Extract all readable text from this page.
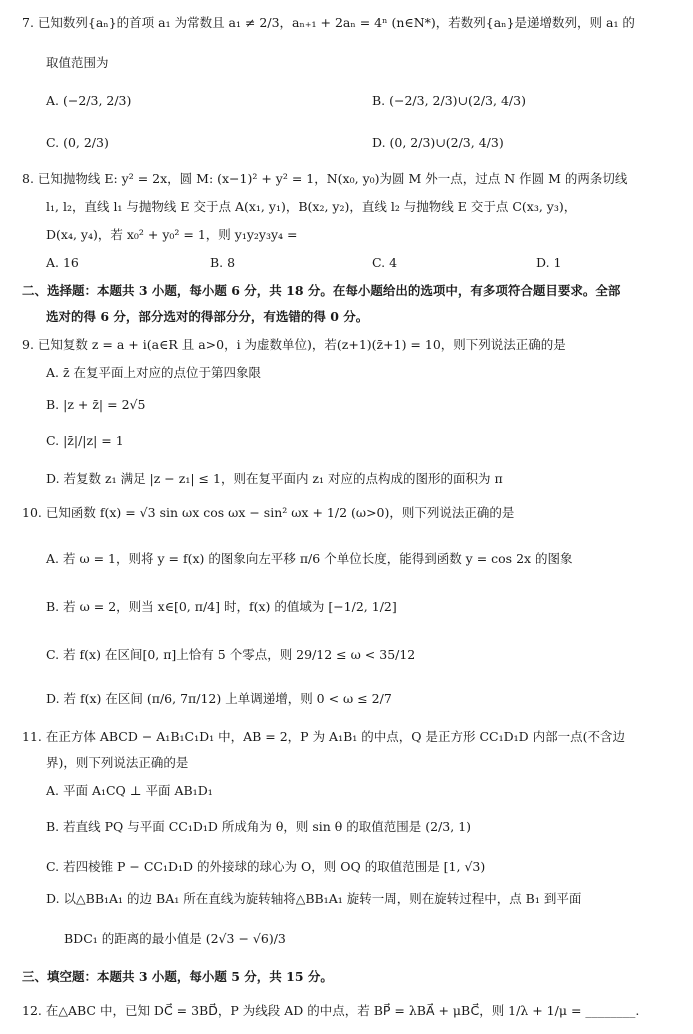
7. 已知数列{aₙ}的首项 a₁ 为常数且 a₁ ≠ 2/3，aₙ₊₁ + 2aₙ = 4ⁿ (n∈N*)，若数列{aₙ}是递增数列，则 a₁ 的
取值范围为
A. (−2/3, 2/3)	B. (−2/3, 2/3)∪(2/3, 4/3)
C. (0, 2/3)	D. (0, 2/3)∪(2/3, 4/3)
8. 已知抛物线 E: y² = 2x，圆 M: (x−1)² + y² = 1，N(x₀, y₀)为圆 M 外一点，过点 N 作圆 M 的两条切线
l₁, l₂，直线 l₁ 与抛物线 E 交于点 A(x₁, y₁)，B(x₂, y₂)，直线 l₂ 与抛物线 E 交于点 C(x₃, y₃)，
D(x₄, y₄)，若 x₀² + y₀² = 1，则 y₁y₂y₃y₄ =
A. 16	B. 8	C. 4	D. 1
二、选择题：本题共 3 小题，每小题 6 分，共 18 分。在每小题给出的选项中，有多项符合题目要求。全部
选对的得 6 分，部分选对的得部分分，有选错的得 0 分。
9. 已知复数 z = a + i(a∈R 且 a>0，i 为虚数单位)，若(z+1)(z̄+1) = 10，则下列说法正确的是
A. z̄ 在复平面上对应的点位于第四象限
B. |z + z̄| = 2√5
C. |z̄|/|z| = 1
D. 若复数 z₁ 满足 |z − z₁| ≤ 1，则在复平面内 z₁ 对应的点构成的图形的面积为 π
10. 已知函数 f(x) = √3 sin ωx cos ωx − sin² ωx + 1/2 (ω>0)，则下列说法正确的是
A. 若 ω = 1，则将 y = f(x) 的图象向左平移 π/6 个单位长度，能得到函数 y = cos 2x 的图象
B. 若 ω = 2，则当 x∈[0, π/4] 时，f(x) 的值域为 [−1/2, 1/2]
C. 若 f(x) 在区间[0, π]上恰有 5 个零点，则 29/12 ≤ ω < 35/12
D. 若 f(x) 在区间 (π/6, 7π/12) 上单调递增，则 0 < ω ≤ 2/7
11. 在正方体 ABCD − A₁B₁C₁D₁ 中，AB = 2，P 为 A₁B₁ 的中点，Q 是正方形 CC₁D₁D 内部一点(不含边
界)，则下列说法正确的是
A. 平面 A₁CQ ⊥ 平面 AB₁D₁
B. 若直线 PQ 与平面 CC₁D₁D 所成角为 θ，则 sin θ 的取值范围是 (2/3, 1)
C. 若四棱锥 P − CC₁D₁D 的外接球的球心为 O，则 OQ 的取值范围是 [1, √3)
D. 以△BB₁A₁ 的边 BA₁ 所在直线为旋转轴将△BB₁A₁ 旋转一周，则在旋转过程中，点 B₁ 到平面
BDC₁ 的距离的最小值是 (2√3 − √6)/3
三、填空题：本题共 3 小题，每小题 5 分，共 15 分。
12. 在△ABC 中，已知 DC⃗ = 3BD⃗，P 为线段 AD 的中点，若 BP⃗ = λBA⃗ + μBC⃗，则 1/λ + 1/μ = ________.
